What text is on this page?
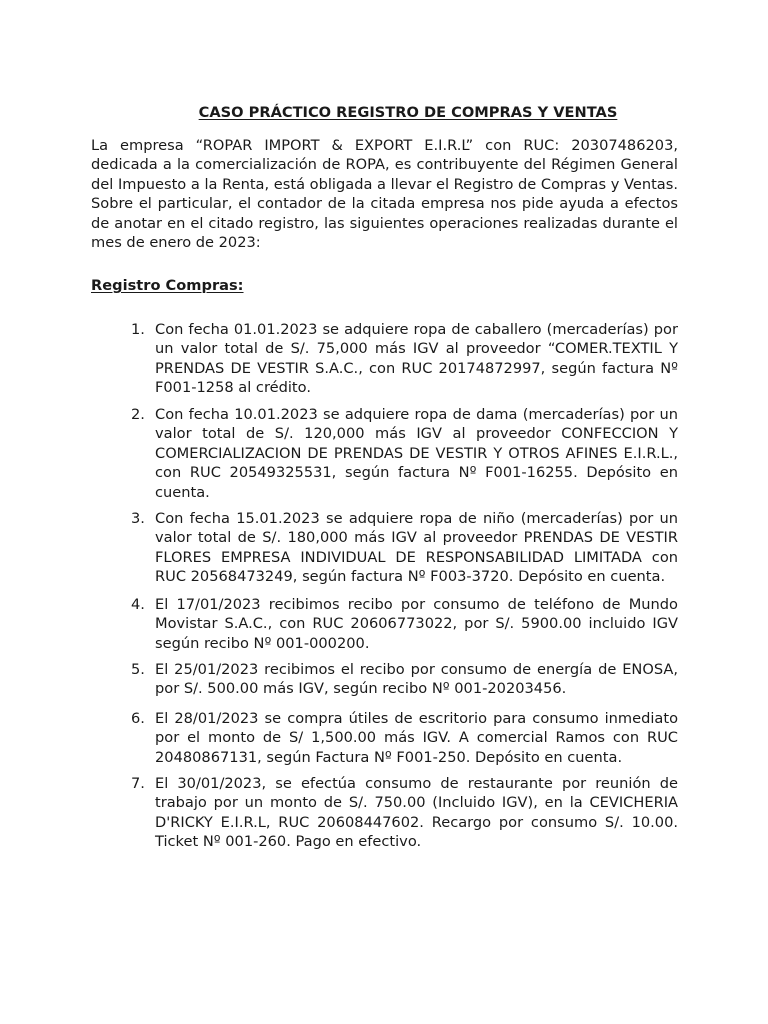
CASO PRÁCTICO REGISTRO DE COMPRAS Y VENTAS

La empresa “ROPAR IMPORT & EXPORT E.I.R.L” con RUC: 20307486203, dedicada a la comercialización de ROPA, es contribuyente del Régimen General del Impuesto a la Renta, está obligada a llevar el Registro de Compras y Ventas. Sobre el particular, el contador de la citada empresa nos pide ayuda a efectos de anotar en el citado registro, las siguientes operaciones realizadas durante el mes de enero de 2023:

Registro Compras:
1. Con fecha 01.01.2023 se adquiere ropa de caballero (mercaderías) por un valor total de S/. 75,000 más IGV al proveedor “COMER.TEXTIL Y PRENDAS DE VESTIR S.A.C., con RUC 20174872997, según factura Nº F001-1258 al crédito.

2. Con fecha 10.01.2023 se adquiere ropa de dama (mercaderías) por un valor total de S/. 120,000 más IGV al proveedor CONFECCION Y COMERCIALIZACION DE PRENDAS DE VESTIR Y OTROS AFINES E.I.R.L., con RUC 20549325531, según factura Nº F001-16255. Depósito en cuenta.

3. Con fecha 15.01.2023 se adquiere ropa de niño (mercaderías) por un valor total de S/. 180,000 más IGV al proveedor PRENDAS DE VESTIR FLORES EMPRESA INDIVIDUAL DE RESPONSABILIDAD LIMITADA con RUC 20568473249, según factura Nº F003-3720. Depósito en cuenta.

4. El 17/01/2023 recibimos recibo por consumo de teléfono de Mundo Movistar S.A.C., con RUC 20606773022, por S/. 5900.00 incluido IGV según recibo Nº 001-000200.

5. El 25/01/2023 recibimos el recibo por consumo de energía de ENOSA, por S/. 500.00 más IGV, según recibo Nº 001-20203456.

6. El 28/01/2023 se compra útiles de escritorio para consumo inmediato por el monto de S/ 1,500.00 más IGV. A comercial Ramos con RUC 20480867131, según Factura Nº F001-250. Depósito en cuenta.

7. El 30/01/2023, se efectúa consumo de restaurante por reunión de trabajo por un monto de S/. 750.00 (Incluido IGV), en la CEVICHERIA D'RICKY E.I.R.L, RUC 20608447602. Recargo por consumo S/. 10.00. Ticket Nº 001-260. Pago en efectivo.
